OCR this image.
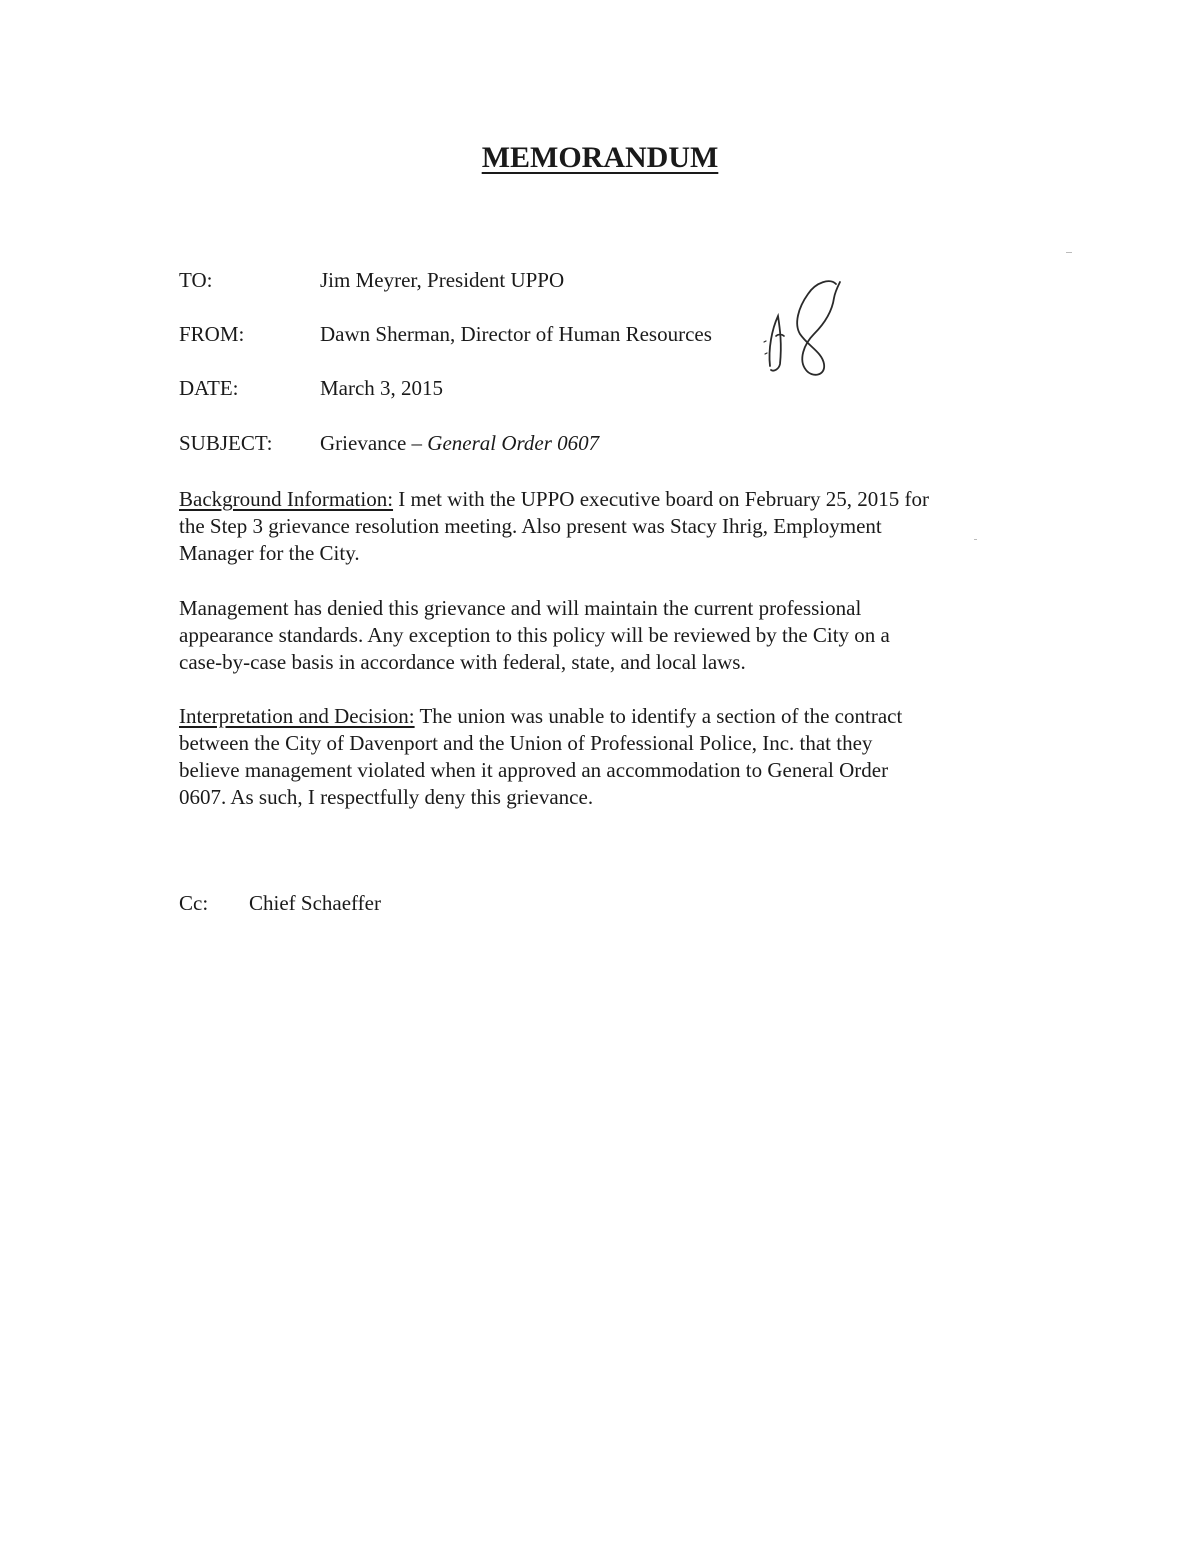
MEMORANDUM
TO:	Jim Meyrer, President UPPO
FROM:	Dawn Sherman, Director of Human Resources
DATE:	March 3, 2015
SUBJECT: Grievance – General Order 0607
Background Information: I met with the UPPO executive board on February 25, 2015 for
the Step 3 grievance resolution meeting. Also present was Stacy Ihrig, Employment
Manager for the City.
Management has denied this grievance and will maintain the current professional
appearance standards. Any exception to this policy will be reviewed by the City on a
case-by-case basis in accordance with federal, state, and local laws.
Interpretation and Decision: The union was unable to identify a section of the contract
between the City of Davenport and the Union of Professional Police, Inc. that they
believe management violated when it approved an accommodation to General Order
0607. As such, I respectfully deny this grievance.
Cc: Chief Schaeffer
